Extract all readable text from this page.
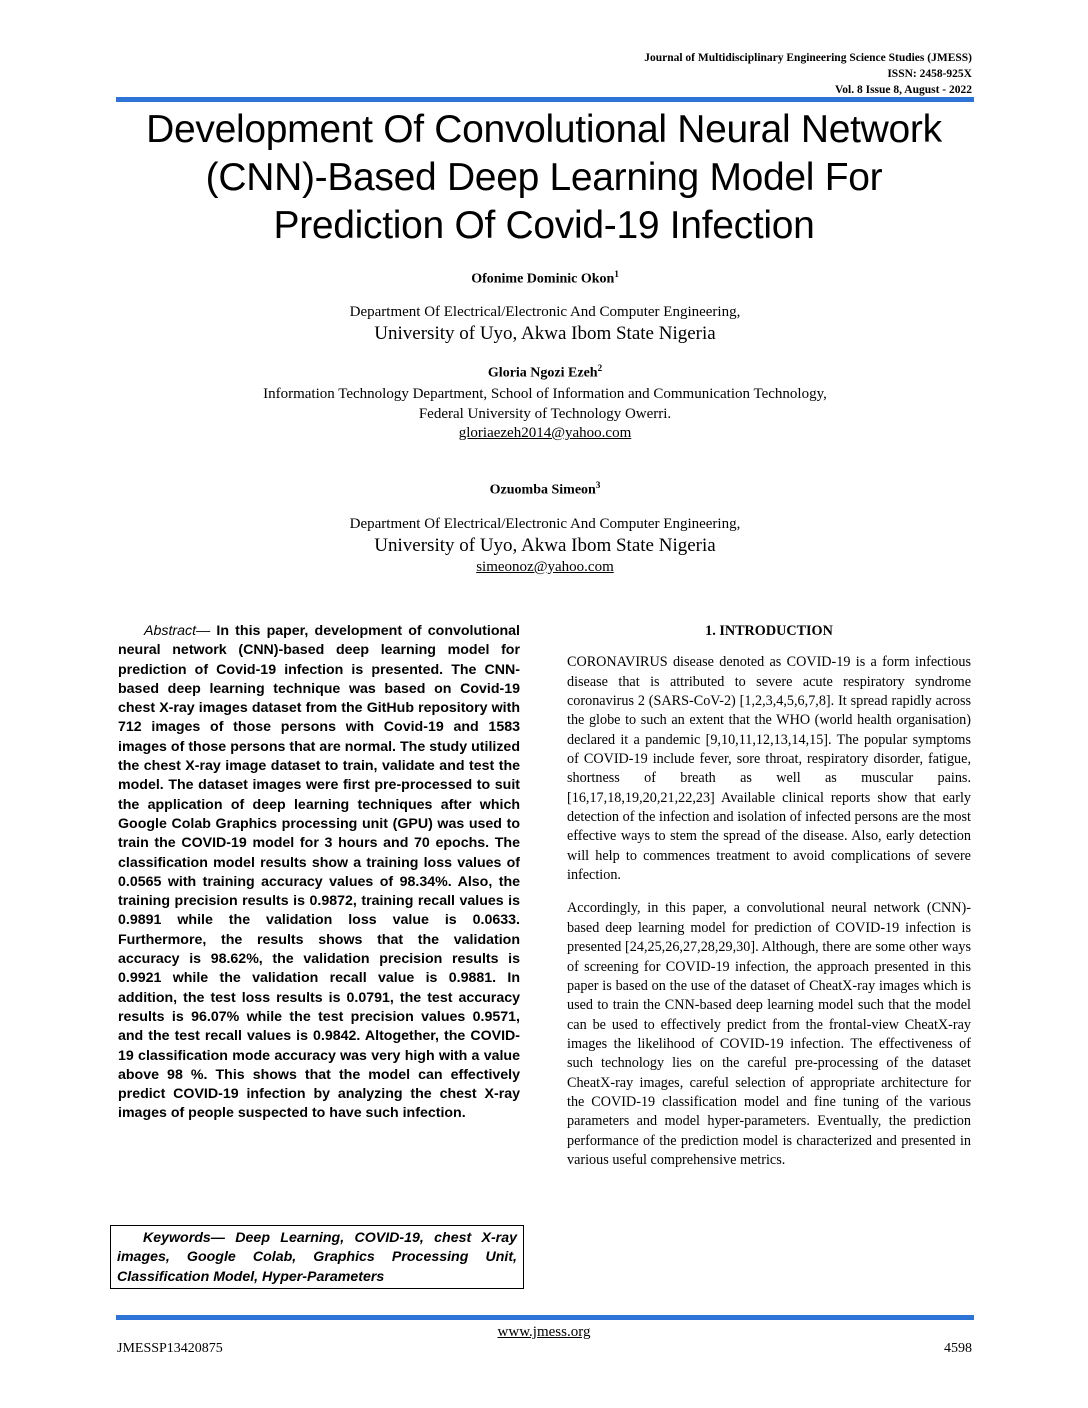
Journal of Multidisciplinary Engineering Science Studies (JMESS)
ISSN: 2458-925X
Vol. 8 Issue 8, August - 2022
Development Of Convolutional Neural Network
(CNN)-Based Deep Learning Model For
Prediction Of Covid-19 Infection
Ofonime Dominic Okon$^1$
Department Of Electrical/Electronic And Computer Engineering,
University of Uyo, Akwa Ibom State Nigeria
Gloria Ngozi Ezeh$^2$
Information Technology Department, School of Information and Communication Technology,
Federal University of Technology Owerri.
gloriaezeh2014@yahoo.com
Ozuomba Simeon$^3$
Department Of Electrical/Electronic And Computer Engineering,
University of Uyo, Akwa Ibom State Nigeria
simeonoz@yahoo.com
Abstract— In this paper, development of convolutional neural network (CNN)-based deep learning model for prediction of Covid-19 infection is presented. The CNN-based deep learning technique was based on Covid-19 chest X-ray images dataset from the GitHub repository with 712 images of those persons with Covid-19 and 1583 images of those persons that are normal. The study utilized the chest X-ray image dataset to train, validate and test the model. The dataset images were first pre-processed to suit the application of deep learning techniques after which Google Colab Graphics processing unit (GPU) was used to train the COVID-19 model for 3 hours and 70 epochs. The classification model results show a training loss values of 0.0565 with training accuracy values of 98.34%. Also, the training precision results is 0.9872, training recall values is 0.9891 while the validation loss value is 0.0633. Furthermore, the results shows that the validation accuracy is 98.62%, the validation precision results is 0.9921 while the validation recall value is 0.9881. In addition, the test loss results is 0.0791, the test accuracy results is 96.07% while the test precision values 0.9571, and the test recall values is 0.9842. Altogether, the COVID-19 classification mode accuracy was very high with a value above 98 %. This shows that the model can effectively predict COVID-19 infection by analyzing the chest X-ray images of people suspected to have such infection.
Keywords— Deep Learning, COVID-19, chest X-ray images, Google Colab, Graphics Processing Unit, Classification Model, Hyper-Parameters
1. INTRODUCTION

CORONAVIRUS disease denoted as COVID-19 is a form infectious disease that is attributed to severe acute respiratory syndrome coronavirus 2 (SARS-CoV-2) [1,2,3,4,5,6,7,8]. It spread rapidly across the globe to such an extent that the WHO (world health organisation) declared it a pandemic [9,10,11,12,13,14,15]. The popular symptoms of COVID-19 include fever, sore throat, respiratory disorder, fatigue, shortness of breath as well as muscular pains. [16,17,18,19,20,21,22,23] Available clinical reports show that early detection of the infection and isolation of infected persons are the most effective ways to stem the spread of the disease. Also, early detection will help to commences treatment to avoid complications of severe infection.

Accordingly, in this paper, a convolutional neural network (CNN)-based deep learning model for prediction of COVID-19 infection is presented [24,25,26,27,28,29,30]. Although, there are some other ways of screening for COVID-19 infection, the approach presented in this paper is based on the use of the dataset of CheatX-ray images which is used to train the CNN-based deep learning model such that the model can be used to effectively predict from the frontal-view CheatX-ray images the likelihood of COVID-19 infection. The effectiveness of such technology lies on the careful pre-processing of the dataset CheatX-ray images, careful selection of appropriate architecture for the COVID-19 classification model and fine tuning of the various parameters and model hyper-parameters. Eventually, the prediction performance of the prediction model is characterized and presented in various useful comprehensive metrics.

www.jmess.org
JMESSP13420875	4598
